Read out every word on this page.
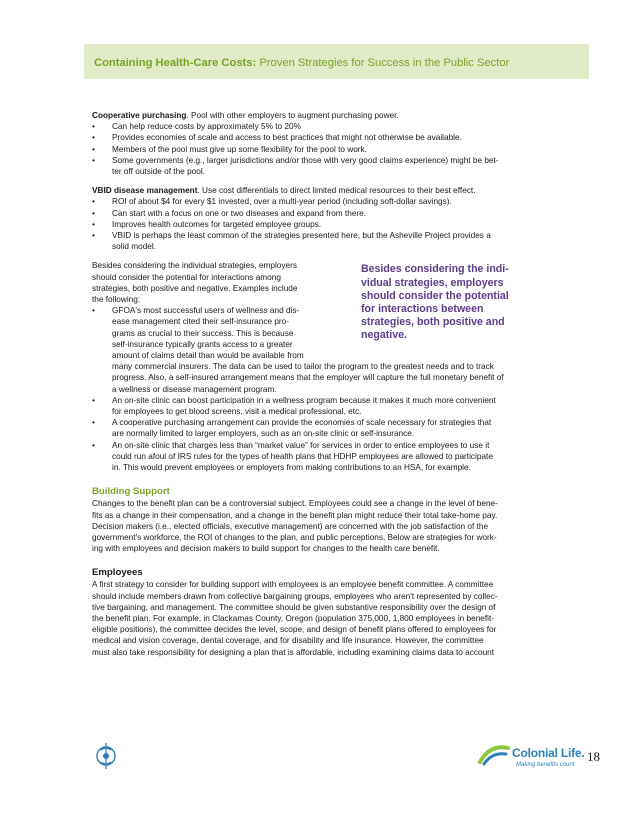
Containing Health-Care Costs: Proven Strategies for Success in the Public Sector
Cooperative purchasing. Pool with other employers to augment purchasing power.
• Can help reduce costs by approximately 5% to 20%
• Provides economies of scale and access to best practices that might not otherwise be available.
• Members of the pool must give up some flexibility for the pool to work.
• Some governments (e.g., larger jurisdictions and/or those with very good claims experience) might be bet-
ter off outside of the pool.
VBID disease management. Use cost differentials to direct limited medical resources to their best effect.
• ROI of about $4 for every $1 invested, over a multi-year period (including soft-dollar savings).
• Can start with a focus on one or two diseases and expand from there.
• Improves health outcomes for targeted employee groups.
• VBID is perhaps the least common of the strategies presented here, but the Asheville Project provides a
solid model.
Besides considering the individual strategies, employers
should consider the potential for interactions among
strategies, both positive and negative. Examples include
the following:
• GFOA's most successful users of wellness and dis-
ease management cited their self-insurance pro-
grams as crucial to their success. This is because
self-insurance typically grants access to a greater
amount of claims detail than would be available from
many commercial insurers. The data can be used to tailor the program to the greatest needs and to track
progress. Also, a self-insured arrangement means that the employer will capture the full monetary benefit of
a wellness or disease management program.
Besides considering the indi-
vidual strategies, employers
should consider the potential
for interactions between
strategies, both positive and
negative.
• An on-site clinic can boost participation in a wellness program because it makes it much more convenient
for employees to get blood screens, visit a medical professional, etc.
• A cooperative purchasing arrangement can provide the economies of scale necessary for strategies that
are normally limited to larger employers, such as an on-site clinic or self-insurance.
• An on-site clinic that charges less than “market value” for services in order to entice employees to use it
could run afoul of IRS rules for the types of health plans that HDHP employees are allowed to participate
in. This would prevent employees or employers from making contributions to an HSA, for example.
Building Support
Changes to the benefit plan can be a controversial subject. Employees could see a change in the level of bene-
fits as a change in their compensation, and a change in the benefit plan might reduce their total take-home pay.
Decision makers (i.e., elected officials, executive management) are concerned with the job satisfaction of the
government's workforce, the ROI of changes to the plan, and public perceptions. Below are strategies for work-
ing with employees and decision makers to build support for changes to the health care benefit.
Employees
A first strategy to consider for building support with employees is an employee benefit committee. A committee
should include members drawn from collective bargaining groups, employees who aren't represented by collec-
tive bargaining, and management. The committee should be given substantive responsibility over the design of
the benefit plan. For example, in Clackamas County, Oregon (population 375,000, 1,800 employees in benefit-
eligible positions), the committee decides the level, scope, and design of benefit plans offered to employees for
medical and vision coverage, dental coverage, and for disability and life insurance. However, the committee
must also take responsibility for designing a plan that is affordable, including examining claims data to account
Colonial Life.
Making benefits count
18
